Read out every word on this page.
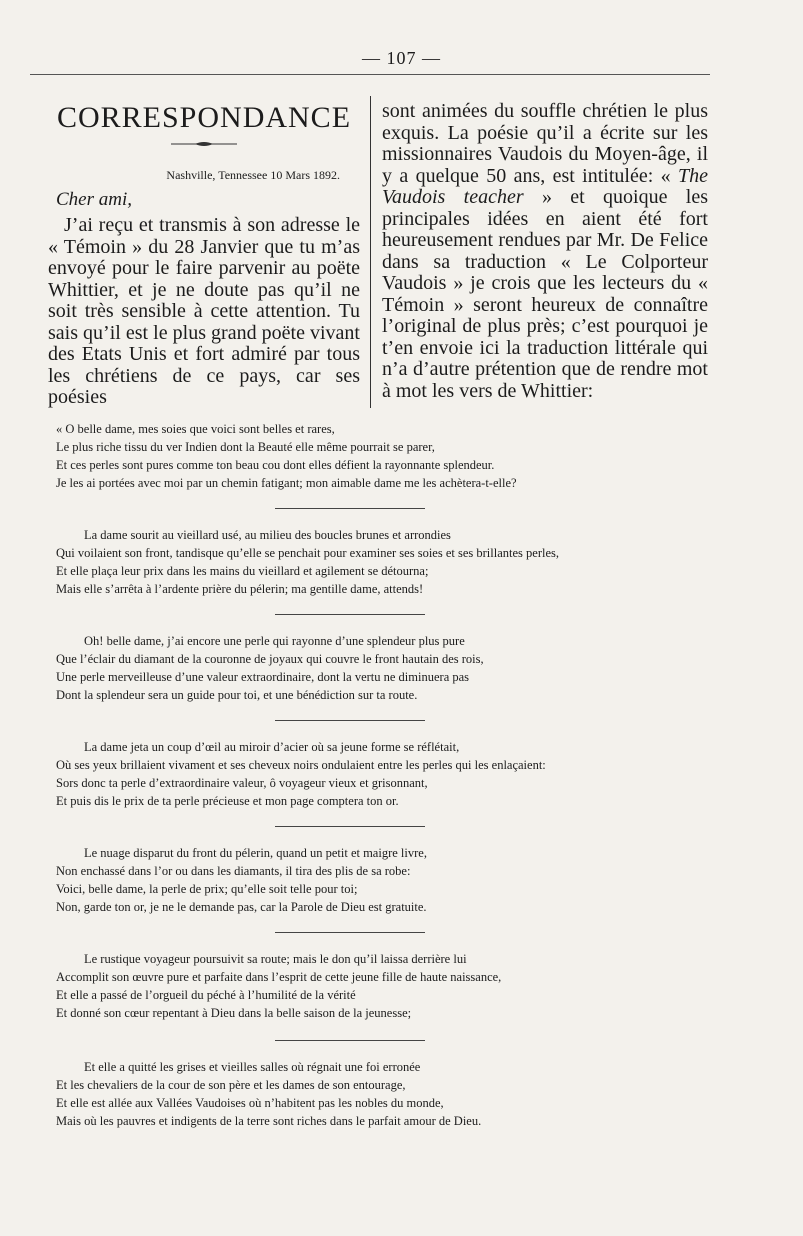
— 107 —
CORRESPONDANCE
Nashville, Tennessee 10 Mars 1892.
Cher ami,

J’ai reçu et transmis à son adresse le « Témoin » du 28 Janvier que tu m’as envoyé pour le faire parvenir au poëte Whittier, et je ne doute pas qu’il ne soit très sensible à cette attention. Tu sais qu’il est le plus grand poëte vivant des Etats Unis et fort admiré par tous les chrétiens de ce pays, car ses poésies

sont animées du souffle chrétien le plus exquis. La poésie qu’il a écrite sur les missionnaires Vaudois du Moyen-âge, il y a quelque 50 ans, est intitulée: « The Vaudois teacher » et quoique les principales idées en aient été fort heureusement rendues par Mr. De Felice dans sa traduction « Le Colporteur Vaudois » je crois que les lecteurs du « Témoin » seront heureux de connaître l’original de plus près; c’est pourquoi je t’en envoie ici la traduction littérale qui n’a d’autre prétention que de rendre mot à mot les vers de Whittier:

« O belle dame, mes soies que voici sont belles et rares,
Le plus riche tissu du ver Indien dont la Beauté elle même pourrait se parer,
Et ces perles sont pures comme ton beau cou dont elles défient la rayonnante splendeur.
Je les ai portées avec moi par un chemin fatigant; mon aimable dame me les achètera-t-elle?
La dame sourit au vieillard usé, au milieu des boucles brunes et arrondies
Qui voilaient son front, tandisque qu’elle se penchait pour examiner ses soies et ses brillantes perles,
Et elle plaça leur prix dans les mains du vieillard et agilement se détourna;
Mais elle s’arrêta à l’ardente prière du pélerin; ma gentille dame, attends!
Oh! belle dame, j’ai encore une perle qui rayonne d’une splendeur plus pure
Que l’éclair du diamant de la couronne de joyaux qui couvre le front hautain des rois,
Une perle merveilleuse d’une valeur extraordinaire, dont la vertu ne diminuera pas
Dont la splendeur sera un guide pour toi, et une bénédiction sur ta route.
La dame jeta un coup d’œil au miroir d’acier où sa jeune forme se réflétait,
Où ses yeux brillaient vivament et ses cheveux noirs ondulaient entre les perles qui les enlaçaient:
Sors donc ta perle d’extraordinaire valeur, ô voyageur vieux et grisonnant,
Et puis dis le prix de ta perle précieuse et mon page comptera ton or.
Le nuage disparut du front du pélerin, quand un petit et maigre livre,
Non enchassé dans l’or ou dans les diamants, il tira des plis de sa robe:
Voici, belle dame, la perle de prix; qu’elle soit telle pour toi;
Non, garde ton or, je ne le demande pas, car la Parole de Dieu est gratuite.
Le rustique voyageur poursuivit sa route; mais le don qu’il laissa derrière lui
Accomplit son œuvre pure et parfaite dans l’esprit de cette jeune fille de haute naissance,
Et elle a passé de l’orgueil du péché à l’humilité de la vérité
Et donné son cœur repentant à Dieu dans la belle saison de la jeunesse;
Et elle a quitté les grises et vieilles salles où régnait une foi erronée
Et les chevaliers de la cour de son père et les dames de son entourage,
Et elle est allée aux Vallées Vaudoises où n’habitent pas les nobles du monde,
Mais où les pauvres et indigents de la terre sont riches dans le parfait amour de Dieu.
